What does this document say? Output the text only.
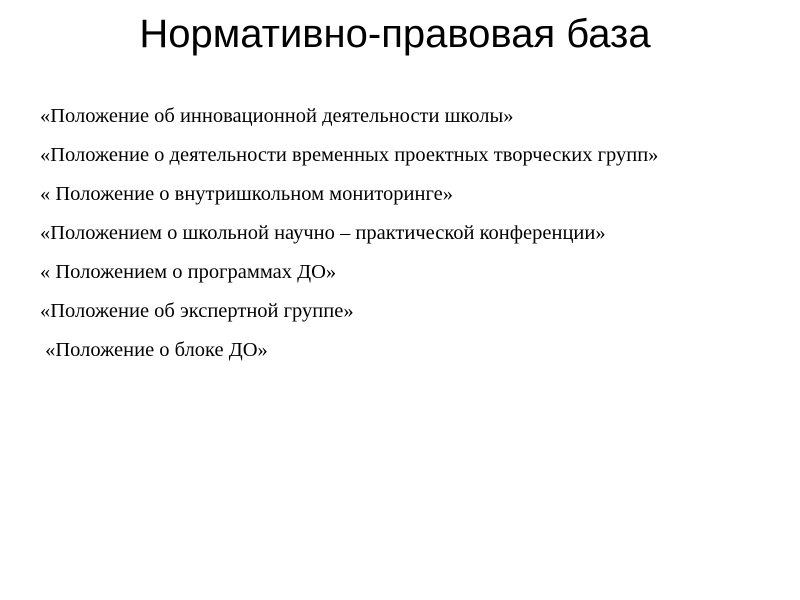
Нормативно-правовая база
«Положение об инновационной деятельности школы»
«Положение о деятельности временных проектных творческих групп»
« Положение о внутришкольном мониторинге»
«Положением о школьной научно – практической конференции»
« Положением о программах ДО»
«Положение об экспертной группе»
«Положение о блоке ДО»
